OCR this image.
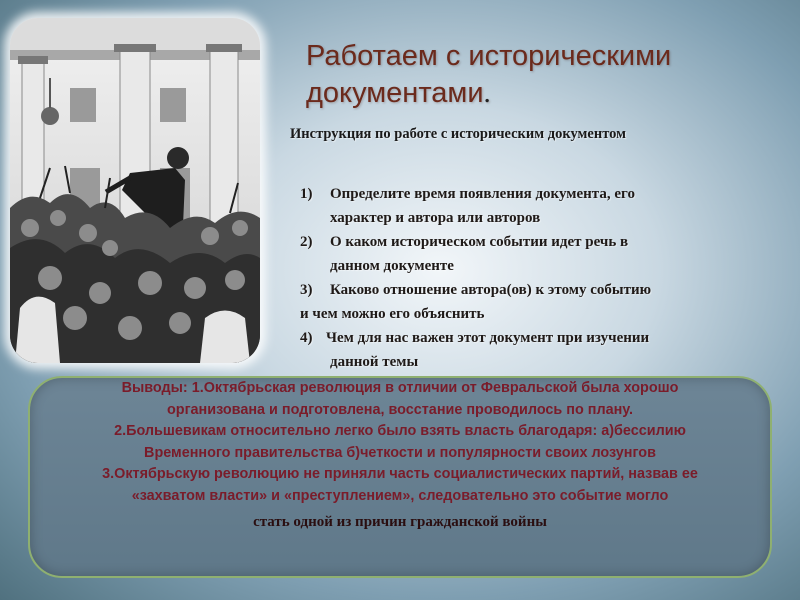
Работаем с историческими документами.
Инструкция по работе с историческим документом
1)	Определите время появления документа, его
характер и автора или авторов
2)	О каком историческом событии идет речь в
данном документе
3)	Каково отношение автора(ов) к этому событию
и чем можно его объяснить
4) Чем для нас важен этот документ при изучении
данной темы
Выводы: 1.Октябрьская революция в отличии от Февральской была хорошо
организована и подготовлена, восстание проводилось по плану.
2.Большевикам относительно легко было взять власть благодаря: а)бессилию
Временного правительства б)четкости и популярности своих лозунгов
3.Октябрьскую революцию не приняли часть социалистических партий, назвав ее
«захватом власти» и «преступлением», следовательно это событие могло
стать одной из причин гражданской войны
